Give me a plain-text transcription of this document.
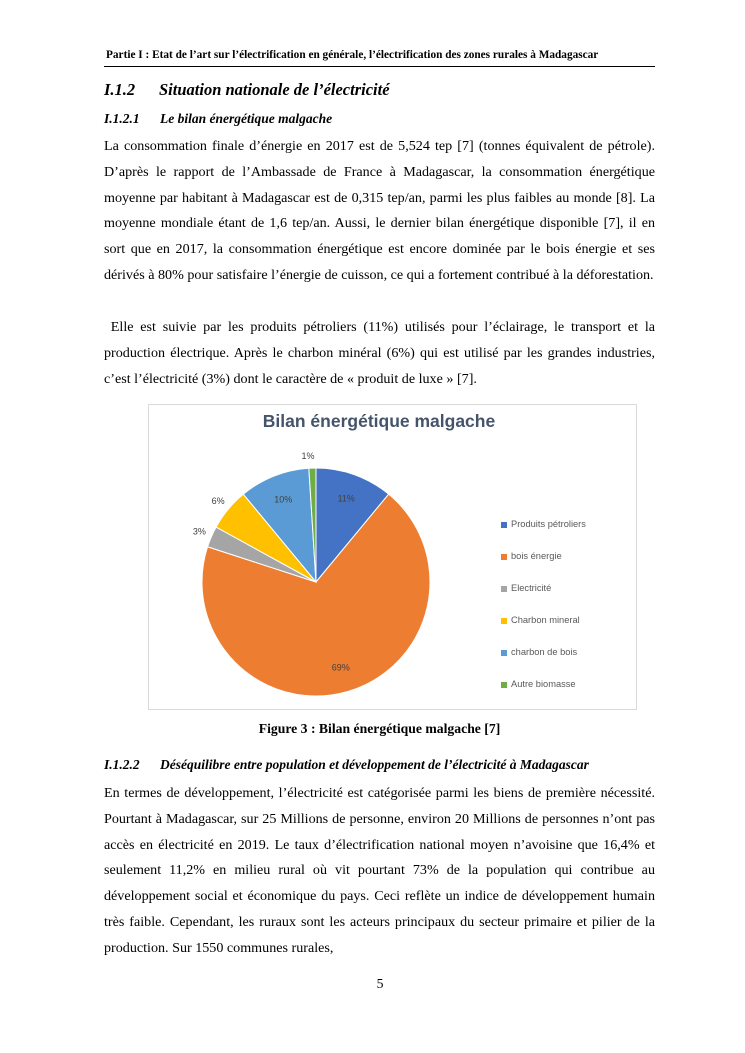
Partie I : Etat de l’art sur l’électrification en générale, l’électrification des zones rurales à Madagascar
I.1.2 Situation nationale de l’électricité
I.1.2.1 Le bilan énergétique malgache

La consommation finale d’énergie en 2017 est de 5,524 tep [7] (tonnes équivalent de pétrole). D’après le rapport de l’Ambassade de France à Madagascar, la consommation énergétique moyenne par habitant à Madagascar est de 0,315 tep/an, parmi les plus faibles au monde [8]. La moyenne mondiale étant de 1,6 tep/an. Aussi, le dernier bilan énergétique disponible [7], il en sort que en 2017, la consommation énergétique est encore dominée par le bois énergie et ses dérivés à 80% pour satisfaire l’énergie de cuisson, ce qui a fortement contribué à la déforestation.

Elle est suivie par les produits pétroliers (11%) utilisés pour l’éclairage, le transport et la production électrique. Après le charbon minéral (6%) qui est utilisé par les grandes industries, c’est l’électricité (3%) dont le caractère de « produit de luxe » [7].

Bilan énergétique malgache
11%
69%
3%
6%	10%
1%
Produits pétroliers
bois énergie
Electricité
Charbon mineral
charbon de bois
Autre biomasse
Figure 3 : Bilan énergétique malgache [7]
I.1.2.2 Déséquilibre entre population et développement de l’électricité à Madagascar

En termes de développement, l’électricité est catégorisée parmi les biens de première nécessité. Pourtant à Madagascar, sur 25 Millions de personne, environ 20 Millions de personnes n’ont pas accès en électricité en 2019. Le taux d’électrification national moyen n’avoisine que 16,4% et seulement 11,2% en milieu rural où vit pourtant 73% de la population qui contribue au développement social et économique du pays. Ceci reflète un indice de développement humain très faible. Cependant, les ruraux sont les acteurs principaux du secteur primaire et pilier de la production. Sur 1550 communes rurales,

5
